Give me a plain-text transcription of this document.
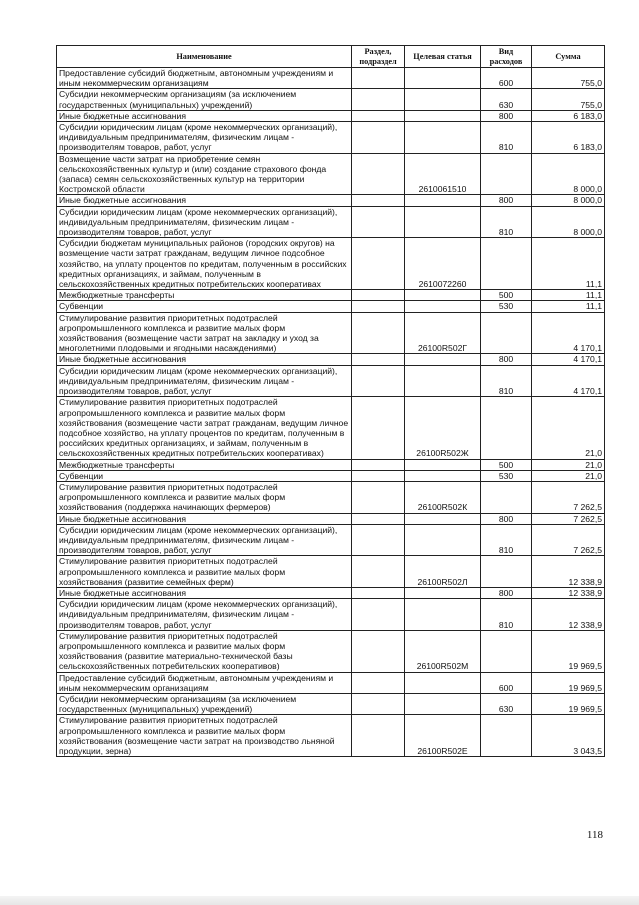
Наименование	Раздел, подраздел	Целевая статья	Вид расходов	Сумма
Предоставление субсидий бюджетным, автономным учреждениям и иным некоммерческим организациям			600	755,0
Субсидии некоммерческим организациям (за исключением государственных (муниципальных) учреждений)			630	755,0
Иные бюджетные ассигнования			800	6 183,0
Субсидии юридическим лицам (кроме некоммерческих организаций), индивидуальным предпринимателям, физическим лицам - производителям товаров, работ, услуг			810	6 183,0
Возмещение части затрат на приобретение семян сельскохозяйственных культур и (или) создание страхового фонда (запаса) семян сельскохозяйственных культур на территории Костромской области		2610061510		8 000,0
Иные бюджетные ассигнования			800	8 000,0
Субсидии юридическим лицам (кроме некоммерческих организаций), индивидуальным предпринимателям, физическим лицам - производителям товаров, работ, услуг			810	8 000,0
Субсидии бюджетам муниципальных районов (городских округов) на возмещение части затрат гражданам, ведущим личное подсобное хозяйство, на уплату процентов по кредитам, полученным в российских кредитных организациях, и займам, полученным в сельскохозяйственных кредитных потребительских кооперативах		2610072260		11,1
Межбюджетные трансферты			500	11,1
Субвенции			530	11,1
Стимулирование развития приоритетных подотраслей агропромышленного комплекса и развитие малых форм хозяйствования (возмещение части затрат на закладку и уход за многолетними плодовыми и ягодными насаждениями)		26100R502Г		4 170,1
Иные бюджетные ассигнования			800	4 170,1
Субсидии юридическим лицам (кроме некоммерческих организаций), индивидуальным предпринимателям, физическим лицам - производителям товаров, работ, услуг			810	4 170,1
Стимулирование развития приоритетных подотраслей агропромышленного комплекса и развитие малых форм хозяйствования (возмещение части затрат гражданам, ведущим личное подсобное хозяйство, на уплату процентов по кредитам, полученным в российских кредитных организациях, и займам, полученным в сельскохозяйственных кредитных потребительских кооперативах)		26100R502Ж		21,0
Межбюджетные трансферты			500	21,0
Субвенции			530	21,0
Стимулирование развития приоритетных подотраслей агропромышленного комплекса и развитие малых форм хозяйствования (поддержка начинающих фермеров)		26100R502К		7 262,5
Иные бюджетные ассигнования			800	7 262,5
Субсидии юридическим лицам (кроме некоммерческих организаций), индивидуальным предпринимателям, физическим лицам - производителям товаров, работ, услуг			810	7 262,5
Стимулирование развития приоритетных подотраслей агропромышленного комплекса и развитие малых форм хозяйствования (развитие семейных ферм)		26100R502Л		12 338,9
Иные бюджетные ассигнования			800	12 338,9
Субсидии юридическим лицам (кроме некоммерческих организаций), индивидуальным предпринимателям, физическим лицам - производителям товаров, работ, услуг			810	12 338,9
Стимулирование развития приоритетных подотраслей агропромышленного комплекса и развитие малых форм хозяйствования (развитие материально-технической базы сельскохозяйственных потребительских кооперативов)		26100R502М		19 969,5
Предоставление субсидий бюджетным, автономным учреждениям и иным некоммерческим организациям			600	19 969,5
Субсидии некоммерческим организациям (за исключением государственных (муниципальных) учреждений)			630	19 969,5
Стимулирование развития приоритетных подотраслей агропромышленного комплекса и развитие малых форм хозяйствования (возмещение части затрат на производство льняной продукции, зерна)		26100R502Е		3 043,5
118
